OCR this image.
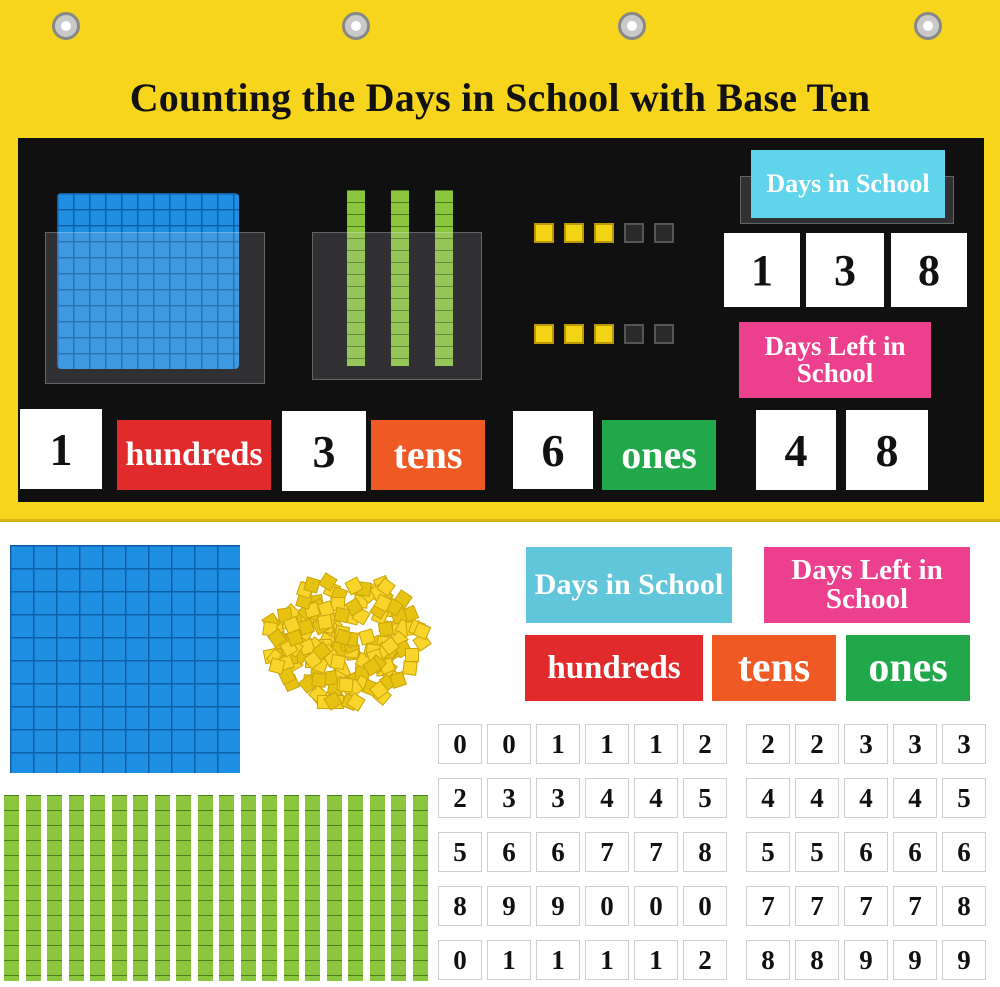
Counting the Days in School with Base Ten
1	hundreds	3	tens	6	ones
Days in School
1	3	8
Days Left in School
4	8
Days in School	Days Left in School
hundreds	tens	ones
0	0	1	1	1	2	2	2	3	3	3
2	3	3	4	4	5	4	4	4	4	5
5	6	6	7	7	8	5	5	6	6	6
8	9	9	0	0	0	7	7	7	7	8
0	1	1	1	1	2	8	8	9	9	9
